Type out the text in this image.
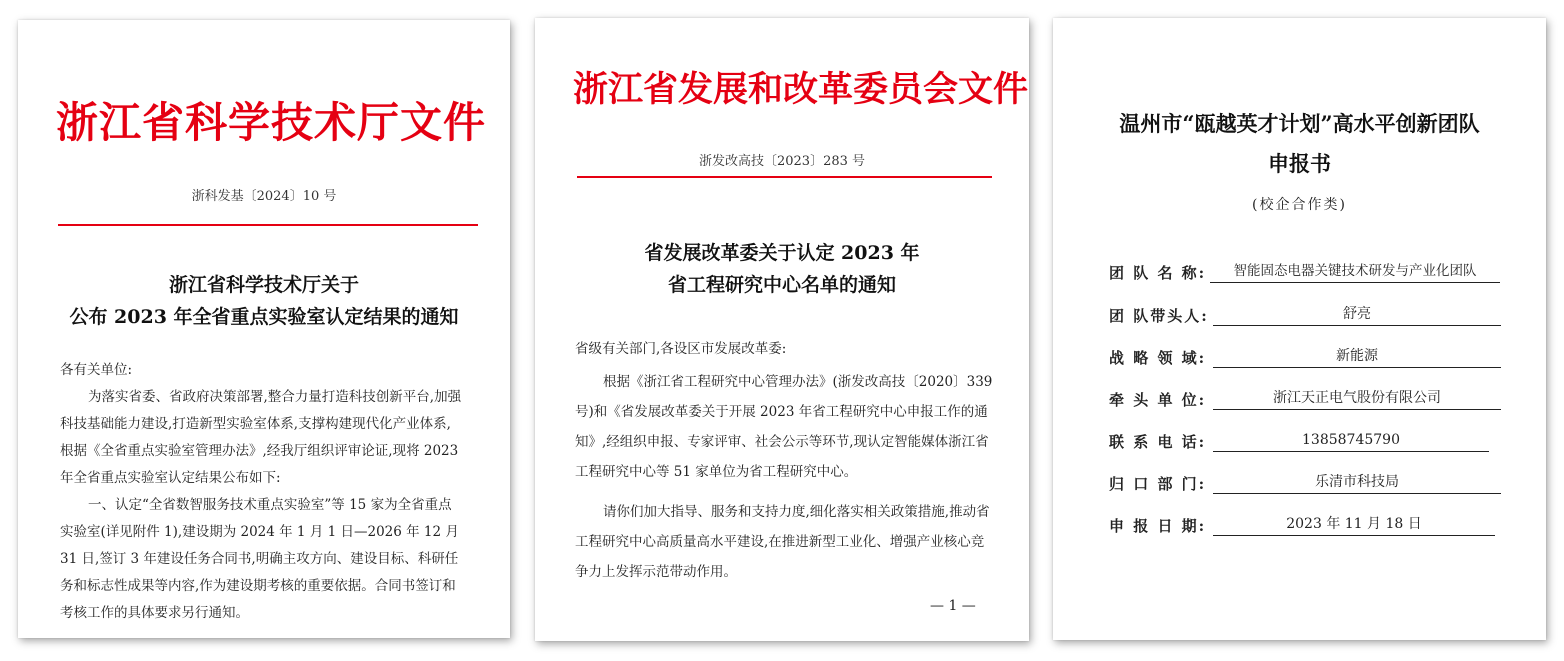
浙江省科学技术厅文件
浙科发基〔2024〕10 号
浙江省科学技术厅关于
公布 2023 年全省重点实验室认定结果的通知
各有关单位:
为落实省委、省政府决策部署,整合力量打造科技创新平台,加强科技基础能力建设,打造新型实验室体系,支撑构建现代化产业体系,根据《全省重点实验室管理办法》,经我厅组织评审论证,现将 2023 年全省重点实验室认定结果公布如下:
一、认定“全省数智服务技术重点实验室”等 15 家为全省重点实验室(详见附件 1),建设期为 2024 年 1 月 1 日—2026 年 12 月 31 日,签订 3 年建设任务合同书,明确主攻方向、建设目标、科研任务和标志性成果等内容,作为建设期考核的重要依据。合同书签订和考核工作的具体要求另行通知。
浙江省发展和改革委员会文件
浙发改高技〔2023〕283 号
省发展改革委关于认定 2023 年
省工程研究中心名单的通知
省级有关部门,各设区市发展改革委:
根据《浙江省工程研究中心管理办法》(浙发改高技〔2020〕339 号)和《省发展改革委关于开展 2023 年省工程研究中心申报工作的通知》,经组织申报、专家评审、社会公示等环节,现认定智能媒体浙江省工程研究中心等 51 家单位为省工程研究中心。
请你们加大指导、服务和支持力度,细化落实相关政策措施,推动省工程研究中心高质量高水平建设,在推进新型工业化、增强产业核心竞争力上发挥示范带动作用。
— 1 —
温州市“瓯越英才计划”高水平创新团队
申报书
(校企合作类)
团 队 名 称:	智能固态电器关键技术研发与产业化团队
团 队带头人:	舒亮
战 略 领 域:	新能源
牵 头 单 位:	浙江天正电气股份有限公司
联 系 电 话:	13858745790
归 口 部 门:	乐清市科技局
申 报 日 期:	2023 年 11 月 18 日
